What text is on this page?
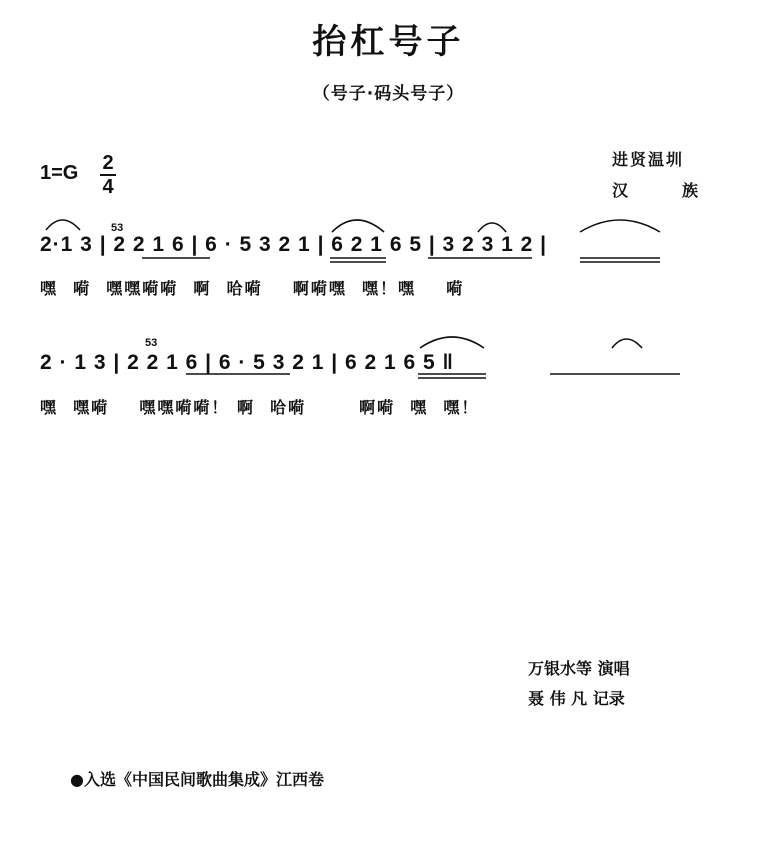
抬杠号子
（号子·码头号子）
1=G 2
4
进贤温圳
汉	族
53
2·1 3 | 2 2 1 6 | 6 · 5 3 2 1 | 6 2 1 6 5 | 3 2 3 1 2 |
嘿  嗬  嘿嘿嗬嗬  啊  哈嗬    啊嗬嘿  嘿！嘿    嗬
53
2 · 1 3 | 2 2 1 6 | 6 · 5 3 2 1 | 6 2 1 6 5 ‖
嘿  嘿嗬    嘿嘿嗬嗬！ 啊  哈嗬       啊嗬  嘿  嘿！
万银水等 演唱
聂 伟 凡 记录
●入选《中国民间歌曲集成》江西卷
